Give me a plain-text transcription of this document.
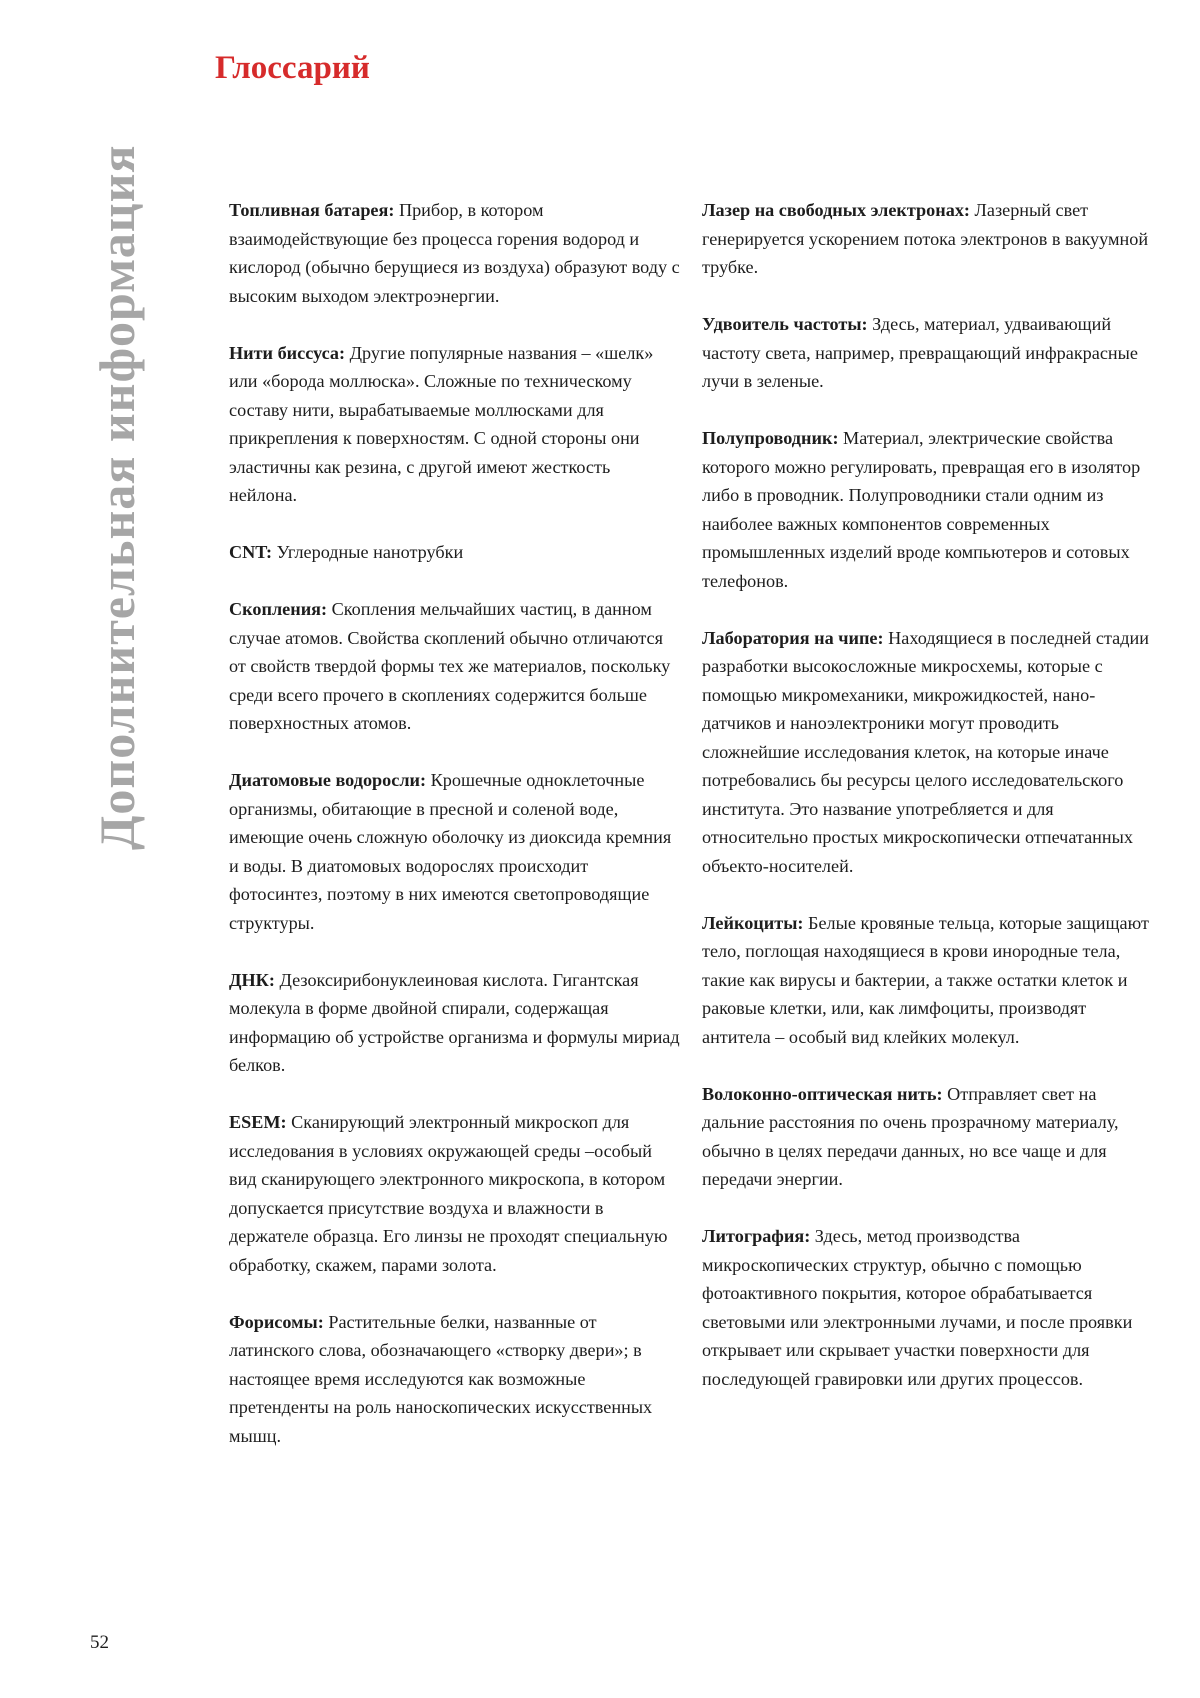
Дополнительная информация
Глоссарий

Топливная батарея: Прибор, в котором взаимодействующие без процесса горения водород и кислород (обычно берущиеся из воздуха) образуют воду с высоким выходом электроэнергии.

Нити биссуса: Другие популярные названия – «шелк» или «борода моллюска». Сложные по техническому составу нити, вырабатываемые моллюсками для прикрепления к поверхностям. С одной стороны они эластичны как резина, с другой имеют жесткость нейлона.

CNT: Углеродные нанотрубки

Скопления: Скопления мельчайших частиц, в данном случае атомов. Свойства скоплений обычно отличаются от свойств твердой формы тех же материалов, поскольку среди всего прочего в скоплениях содержится больше поверхностных атомов.

Диатомовые водоросли: Крошечные одноклеточные организмы, обитающие в пресной и соленой воде, имеющие очень сложную оболочку из диоксида кремния и воды. В диатомовых водорослях происходит фотосинтез, поэтому в них имеются светопроводящие структуры.

ДНК: Дезоксирибонуклеиновая кислота. Гигантская молекула в форме двойной спирали, содержащая информацию об устройстве организма и формулы мириад белков.

ESEM: Сканирующий электронный микроскоп для исследования в условиях окружающей среды –особый вид сканирующего электронного микроскопа, в котором допускается присутствие воздуха и влажности в держателе образца. Его линзы не проходят специальную обработку, скажем, парами золота.

Форисомы: Растительные белки, названные от латинского слова, обозначающего «створку двери»; в настоящее время исследуются как возможные претенденты на роль наноскопических искусственных мышц.

Лазер на свободных электронах: Лазерный свет генерируется ускорением потока электронов в вакуумной трубке.

Удвоитель частоты: Здесь, материал, удваивающий частоту света, например, превращающий инфракрасные лучи в зеленые.

Полупроводник: Материал, электрические свойства которого можно регулировать, превращая его в изолятор либо в проводник. Полупроводники стали одним из наиболее важных компонентов современных промышленных изделий вроде компьютеров и сотовых телефонов.

Лаборатория на чипе: Находящиеся в последней стадии разработки высокосложные микросхемы, которые с помощью микромеханики, микрожидкостей, нано-датчиков и наноэлектроники могут проводить сложнейшие исследования клеток, на которые иначе потребовались бы ресурсы целого исследовательского института. Это название употребляется и для относительно простых микроскопически отпечатанных объекто-носителей.

Лейкоциты: Белые кровяные тельца, которые защищают тело, поглощая находящиеся в крови инородные тела, такие как вирусы и бактерии, а также остатки клеток и раковые клетки, или, как лимфоциты, производят антитела – особый вид клейких молекул.

Волоконно-оптическая нить: Отправляет свет на дальние расстояния по очень прозрачному материалу, обычно в целях передачи данных, но все чаще и для передачи энергии.

Литография: Здесь, метод производства микроскопических структур, обычно с помощью фотоактивного покрытия, которое обрабатывается световыми или электронными лучами, и после проявки открывает или скрывает участки поверхности для последующей гравировки или других процессов.

52
